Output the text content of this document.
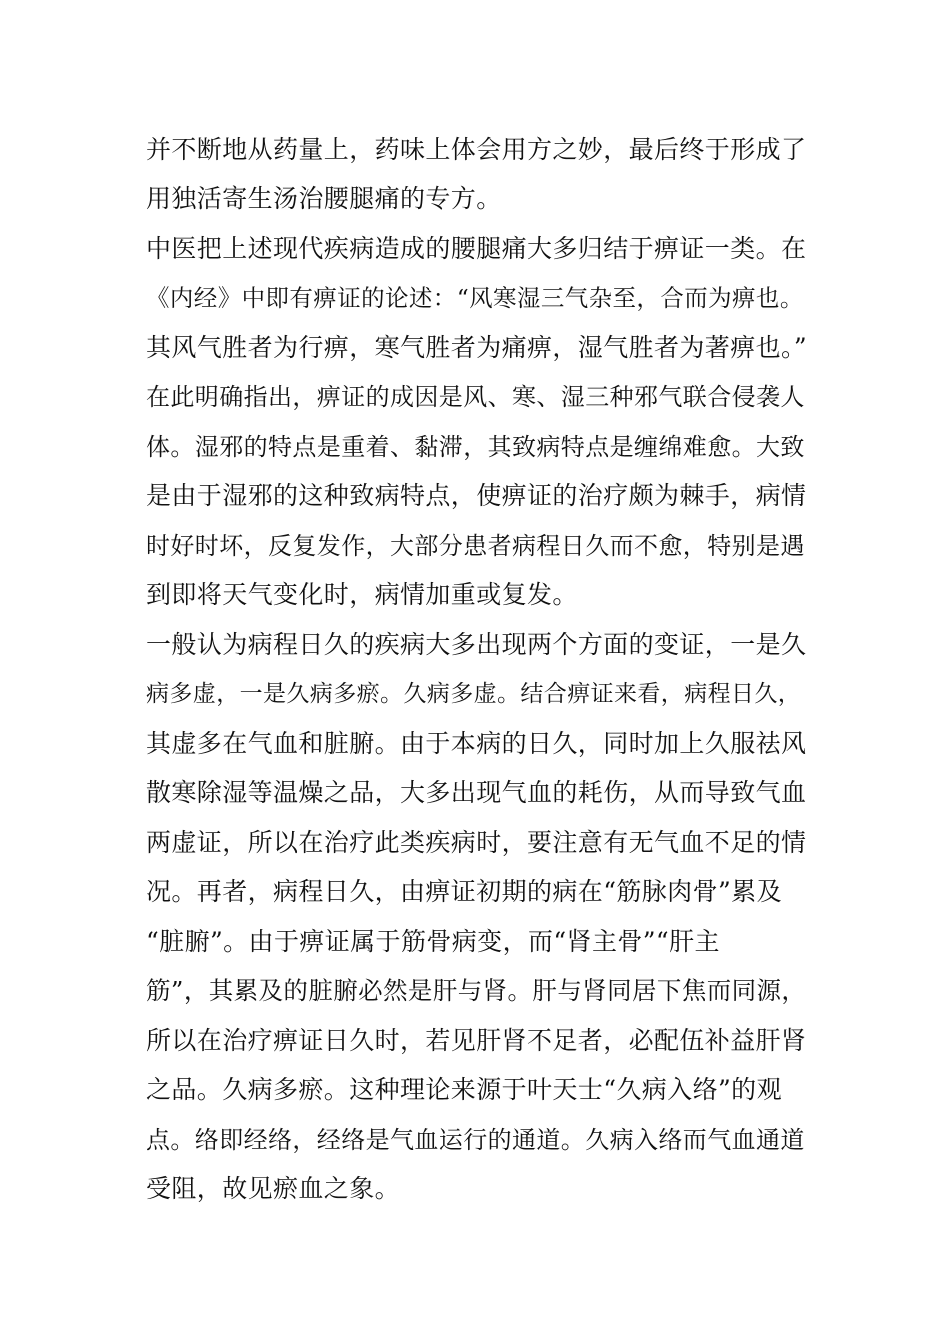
并不断地从药量上，药味上体会用方之妙，最后终于形成了
用独活寄生汤治腰腿痛的专方。
中医把上述现代疾病造成的腰腿痛大多归结于痹证一类。在
《内经》中即有痹证的论述：“风寒湿三气杂至，合而为痹也。
其风气胜者为行痹，寒气胜者为痛痹，湿气胜者为著痹也。”
在此明确指出，痹证的成因是风、寒、湿三种邪气联合侵袭人
体。湿邪的特点是重着、黏滞，其致病特点是缠绵难愈。大致
是由于湿邪的这种致病特点，使痹证的治疗颇为棘手，病情
时好时坏，反复发作，大部分患者病程日久而不愈，特别是遇
到即将天气变化时，病情加重或复发。
一般认为病程日久的疾病大多出现两个方面的变证，一是久
病多虚，一是久病多瘀。久病多虚。结合痹证来看，病程日久，
其虚多在气血和脏腑。由于本病的日久，同时加上久服祛风
散寒除湿等温燥之品，大多出现气血的耗伤，从而导致气血
两虚证，所以在治疗此类疾病时，要注意有无气血不足的情
况。再者，病程日久，由痹证初期的病在“筋脉肉骨”累及
“脏腑”。由于痹证属于筋骨病变，而“肾主骨”“肝主
筋”，其累及的脏腑必然是肝与肾。肝与肾同居下焦而同源，
所以在治疗痹证日久时，若见肝肾不足者，必配伍补益肝肾
之品。久病多瘀。这种理论来源于叶天士“久病入络”的观
点。络即经络，经络是气血运行的通道。久病入络而气血通道
受阻，故见瘀血之象。
